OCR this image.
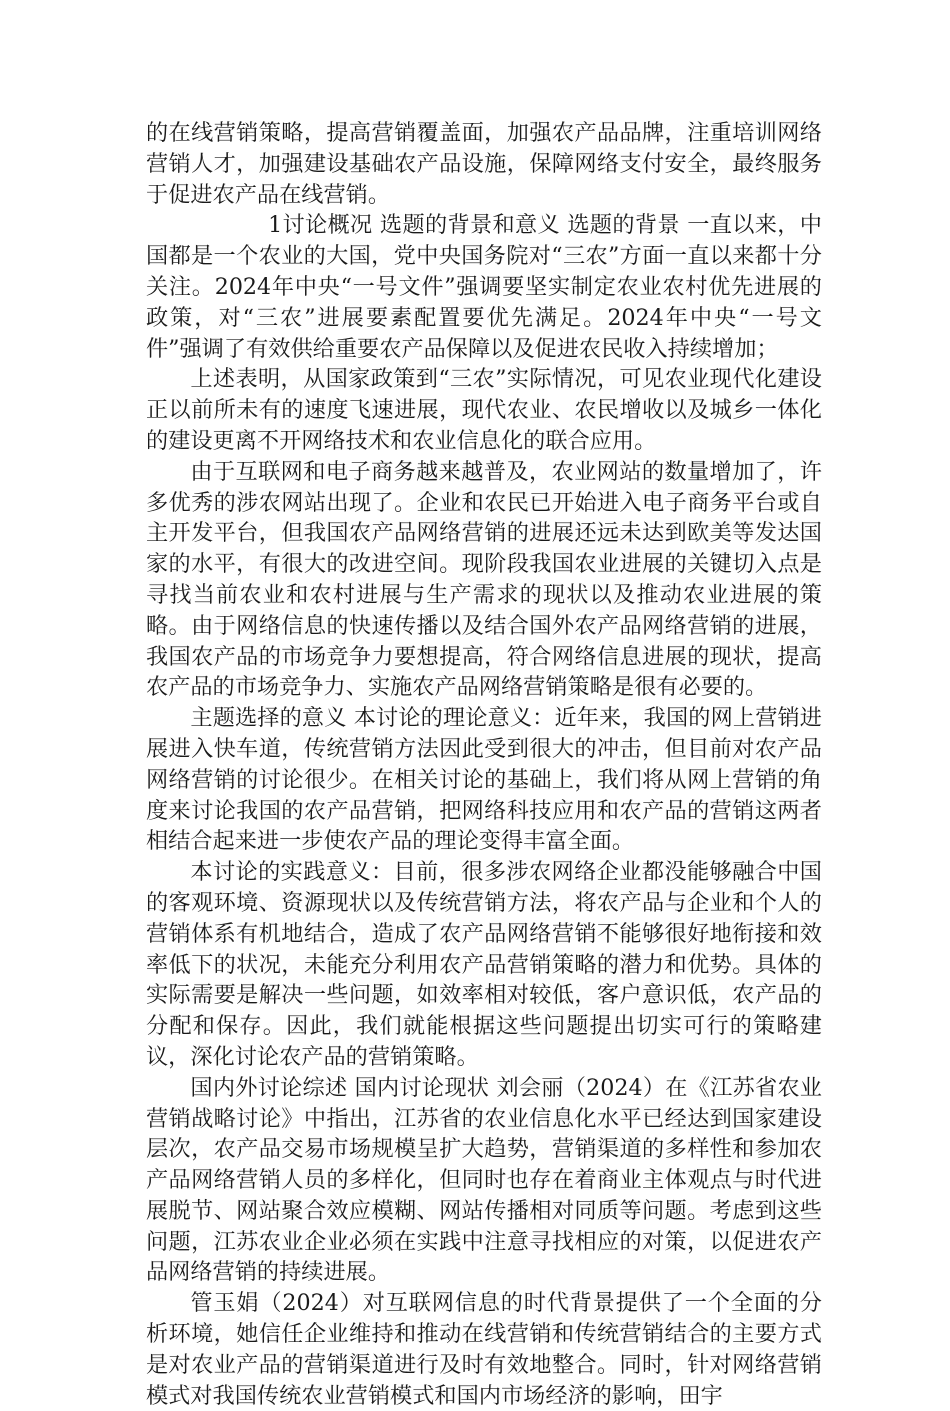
的在线营销策略，提高营销覆盖面，加强农产品品牌，注重培训网络营销人才，加强建设基础农产品设施，保障网络支付安全，最终服务于促进农产品在线营销。

1讨论概况 选题的背景和意义 选题的背景 一直以来，中国都是一个农业的大国，党中央国务院对“三农”方面一直以来都十分关注。2024年中央“一号文件”强调要坚实制定农业农村优先进展的政策，对“三农”进展要素配置要优先满足。2024年中央“一号文件”强调了有效供给重要农产品保障以及促进农民收入持续增加；

上述表明，从国家政策到“三农”实际情况，可见农业现代化建设正以前所未有的速度飞速进展，现代农业、农民增收以及城乡一体化的建设更离不开网络技术和农业信息化的联合应用。

由于互联网和电子商务越来越普及，农业网站的数量增加了，许多优秀的涉农网站出现了。企业和农民已开始进入电子商务平台或自主开发平台，但我国农产品网络营销的进展还远未达到欧美等发达国家的水平，有很大的改进空间。现阶段我国农业进展的关键切入点是寻找当前农业和农村进展与生产需求的现状以及推动农业进展的策略。由于网络信息的快速传播以及结合国外农产品网络营销的进展，我国农产品的市场竞争力要想提高，符合网络信息进展的现状，提高农产品的市场竞争力、实施农产品网络营销策略是很有必要的。

主题选择的意义 本讨论的理论意义：近年来，我国的网上营销进展进入快车道，传统营销方法因此受到很大的冲击，但目前对农产品网络营销的讨论很少。在相关讨论的基础上，我们将从网上营销的角度来讨论我国的农产品营销，把网络科技应用和农产品的营销这两者相结合起来进一步使农产品的理论变得丰富全面。

本讨论的实践意义：目前，很多涉农网络企业都没能够融合中国的客观环境、资源现状以及传统营销方法，将农产品与企业和个人的营销体系有机地结合，造成了农产品网络营销不能够很好地衔接和效率低下的状况，未能充分利用农产品营销策略的潜力和优势。具体的实际需要是解决一些问题，如效率相对较低，客户意识低，农产品的分配和保存。因此，我们就能根据这些问题提出切实可行的策略建议，深化讨论农产品的营销策略。

国内外讨论综述 国内讨论现状 刘会丽（2024）在《江苏省农业营销战略讨论》中指出，江苏省的农业信息化水平已经达到国家建设层次，农产品交易市场规模呈扩大趋势，营销渠道的多样性和参加农产品网络营销人员的多样化，但同时也存在着商业主体观点与时代进展脱节、网站聚合效应模糊、网站传播相对同质等问题。考虑到这些问题，江苏农业企业必须在实践中注意寻找相应的对策，以促进农产品网络营销的持续进展。

管玉娟（2024）对互联网信息的时代背景提供了一个全面的分析环境，她信任企业维持和推动在线营销和传统营销结合的主要方式是对农业产品的营销渠道进行及时有效地整合。同时，针对网络营销模式对我国传统农业营销模式和国内市场经济的影响，田宇
